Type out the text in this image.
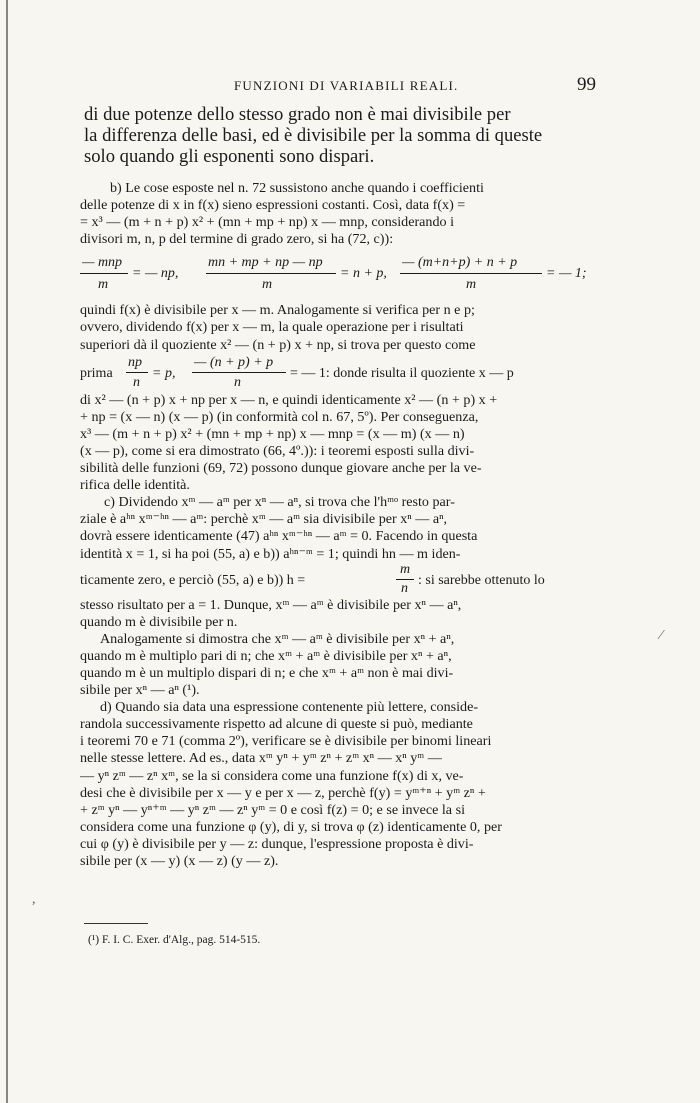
FUNZIONI DI VARIABILI REALI.	99
di due potenze dello stesso grado non è mai divisibile per
la differenza delle basi, ed è divisibile per la somma di queste
solo quando gli esponenti sono dispari.
b) Le cose esposte nel n. 72 sussistono anche quando i coefficienti
delle potenze di x in f(x) sieno espressioni costanti. Così, data f(x) =
= x³ — (m + n + p) x² + (mn + mp + np) x — mnp, considerando i
divisori m, n, p del termine di grado zero, si ha (72, c)):
— mnp
m
= — np,
mn + mp + np — np
m
= n + p,
— (m+n+p) + n + p
m
= — 1;
quindi f(x) è divisibile per x — m. Analogamente si verifica per n e p;
ovvero, dividendo f(x) per x — m, la quale operazione per i risultati
superiori dà il quoziente x² — (n + p) x + np, si trova per questo come
prima
np
n
= p,
— (n + p) + p
n
= — 1: donde risulta il quoziente x — p
di x² — (n + p) x + np per x — n, e quindi identicamente x² — (n + p) x +
+ np = (x — n) (x — p) (in conformità col n. 67, 5º). Per conseguenza,
x³ — (m + n + p) x² + (mn + mp + np) x — mnp = (x — m) (x — n)
(x — p), come si era dimostrato (66, 4º.)): i teoremi esposti sulla divi-
sibilità delle funzioni (69, 72) possono dunque giovare anche per la ve-
rifica delle identità.
c) Dividendo xᵐ — aᵐ per xⁿ — aⁿ, si trova che l'hᵐᵒ resto par-
ziale è aʰⁿ xᵐ⁻ʰⁿ — aᵐ: perchè xᵐ — aᵐ sia divisibile per xⁿ — aⁿ,
dovrà essere identicamente (47) aʰⁿ xᵐ⁻ʰⁿ — aᵐ = 0. Facendo in questa
identità x = 1, si ha poi (55, a) e b)) aʰⁿ⁻ᵐ = 1; quindi hn — m iden-
ticamente zero, e perciò (55, a) e b)) h =
m
n
: si sarebbe ottenuto lo
stesso risultato per a = 1. Dunque, xᵐ — aᵐ è divisibile per xⁿ — aⁿ,
quando m è divisibile per n.
Analogamente si dimostra che xᵐ — aᵐ è divisibile per xⁿ + aⁿ,
quando m è multiplo pari di n; che xᵐ + aᵐ è divisibile per xⁿ + aⁿ,
quando m è un multiplo dispari di n; e che xᵐ + aᵐ non è mai divi-
sibile per xⁿ — aⁿ (¹).
d) Quando sia data una espressione contenente più lettere, conside-
randola successivamente rispetto ad alcune di queste si può, mediante
i teoremi 70 e 71 (comma 2º), verificare se è divisibile per binomi lineari
nelle stesse lettere. Ad es., data xᵐ yⁿ + yᵐ zⁿ + zᵐ xⁿ — xⁿ yᵐ —
— yⁿ zᵐ — zⁿ xᵐ, se la si considera come una funzione f(x) di x, ve-
desi che è divisibile per x — y e per x — z, perchè f(y) = yᵐ⁺ⁿ + yᵐ zⁿ +
+ zᵐ yⁿ — yⁿ⁺ᵐ — yⁿ zᵐ — zⁿ yᵐ = 0 e così f(z) = 0; e se invece la si
considera come una funzione φ (y), di y, si trova φ (z) identicamente 0, per
cui φ (y) è divisibile per y — z: dunque, l'espressione proposta è divi-
sibile per (x — y) (x — z) (y — z).
(¹) F. I. C. Exer. d'Alg., pag. 514-515.
⁄
,
